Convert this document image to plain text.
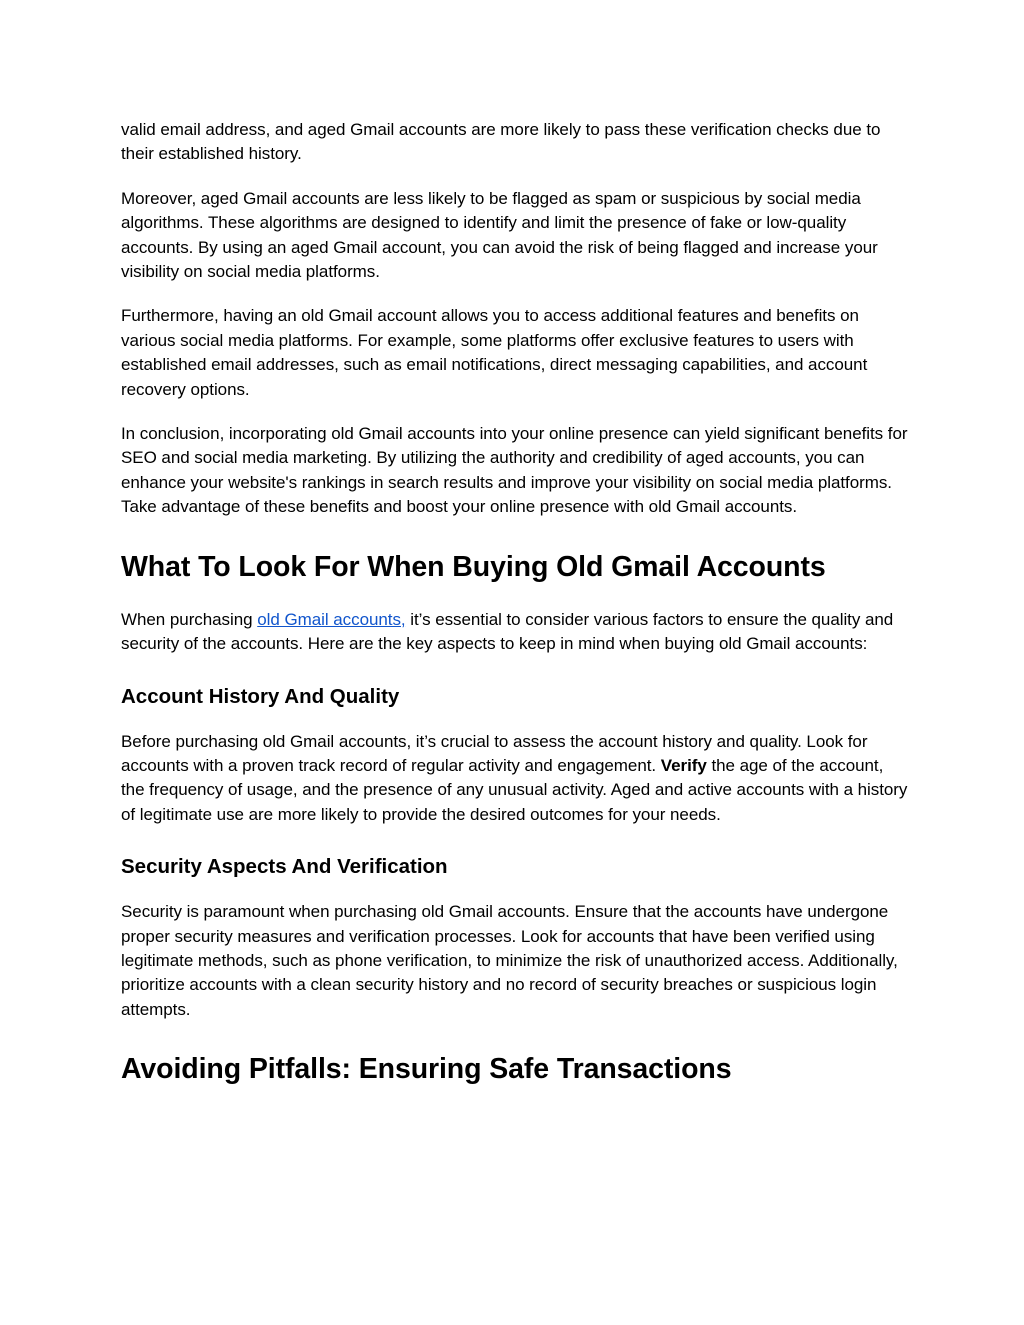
valid email address, and aged Gmail accounts are more likely to pass these verification checks due to their established history.

Moreover, aged Gmail accounts are less likely to be flagged as spam or suspicious by social media algorithms. These algorithms are designed to identify and limit the presence of fake or low-quality accounts. By using an aged Gmail account, you can avoid the risk of being flagged and increase your visibility on social media platforms.

Furthermore, having an old Gmail account allows you to access additional features and benefits on various social media platforms. For example, some platforms offer exclusive features to users with established email addresses, such as email notifications, direct messaging capabilities, and account recovery options.

In conclusion, incorporating old Gmail accounts into your online presence can yield significant benefits for SEO and social media marketing. By utilizing the authority and credibility of aged accounts, you can enhance your website's rankings in search results and improve your visibility on social media platforms. Take advantage of these benefits and boost your online presence with old Gmail accounts.

What To Look For When Buying Old Gmail Accounts

When purchasing old Gmail accounts, it’s essential to consider various factors to ensure the quality and security of the accounts. Here are the key aspects to keep in mind when buying old Gmail accounts:

Account History And Quality

Before purchasing old Gmail accounts, it’s crucial to assess the account history and quality. Look for accounts with a proven track record of regular activity and engagement. Verify the age of the account, the frequency of usage, and the presence of any unusual activity. Aged and active accounts with a history of legitimate use are more likely to provide the desired outcomes for your needs.

Security Aspects And Verification

Security is paramount when purchasing old Gmail accounts. Ensure that the accounts have undergone proper security measures and verification processes. Look for accounts that have been verified using legitimate methods, such as phone verification, to minimize the risk of unauthorized access. Additionally, prioritize accounts with a clean security history and no record of security breaches or suspicious login attempts.

Avoiding Pitfalls: Ensuring Safe Transactions
